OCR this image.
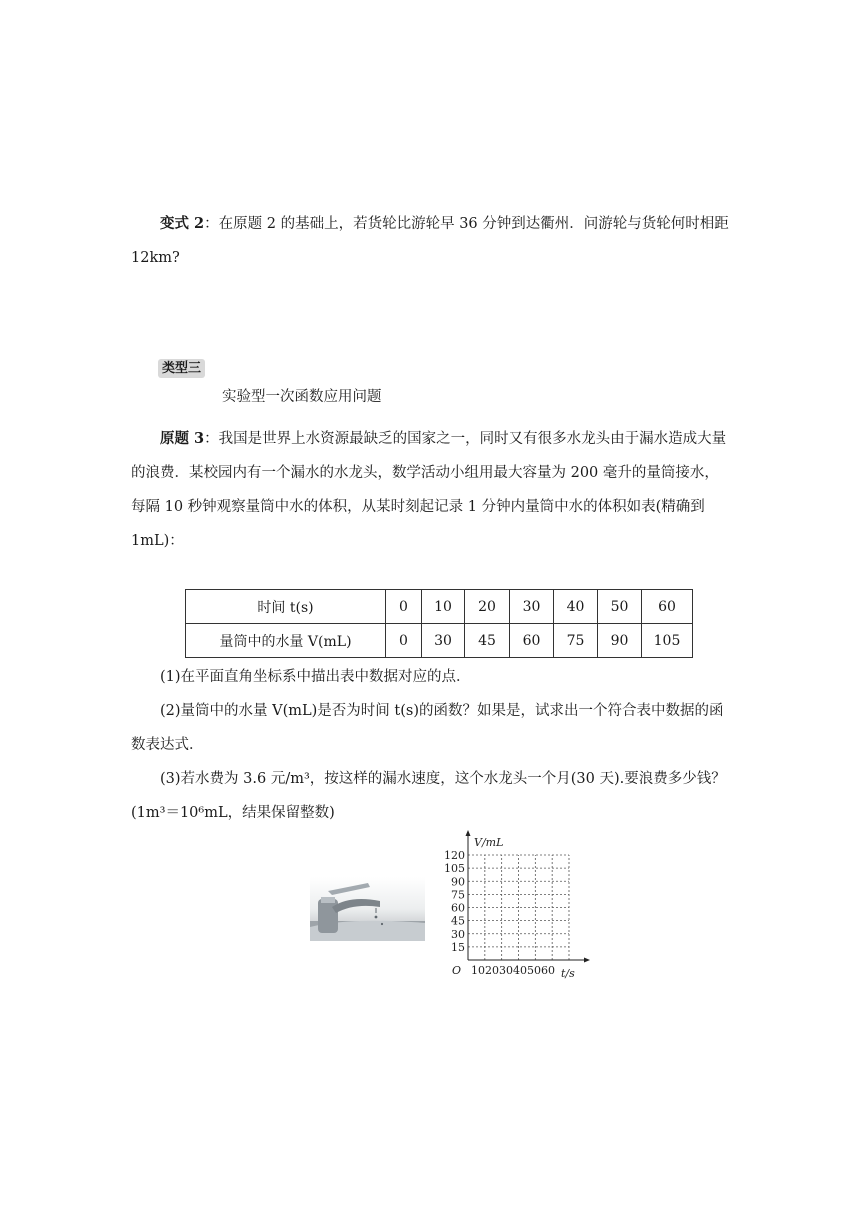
变式 2：在原题 2 的基础上，若货轮比游轮早 36 分钟到达衢州．问游轮与货轮何时相距 12km?

类型三
实验型一次函数应用问题

原题 3：我国是世界上水资源最缺乏的国家之一，同时又有很多水龙头由于漏水造成大量的浪费．某校园内有一个漏水的水龙头，数学活动小组用最大容量为 200 毫升的量筒接水，每隔 10 秒钟观察量筒中水的体积，从某时刻起记录 1 分钟内量筒中水的体积如表(精确到 1mL)：

时间 t(s)	0	10	20	30	40	50	60
量筒中的水量 V(mL)	0	30	45	60	75	90	105

(1)在平面直角坐标系中描出表中数据对应的点．

(2)量筒中的水量 V(mL)是否为时间 t(s)的函数？如果是，试求出一个符合表中数据的函数表达式．

(3)若水费为 3.6 元/m³，按这样的漏水速度，这个水龙头一个月(30 天).要浪费多少钱？

(1m³＝10⁶mL，结果保留整数)

15
30
45
60
75
90
105
120
V/mL
O 102030405060 t/s
